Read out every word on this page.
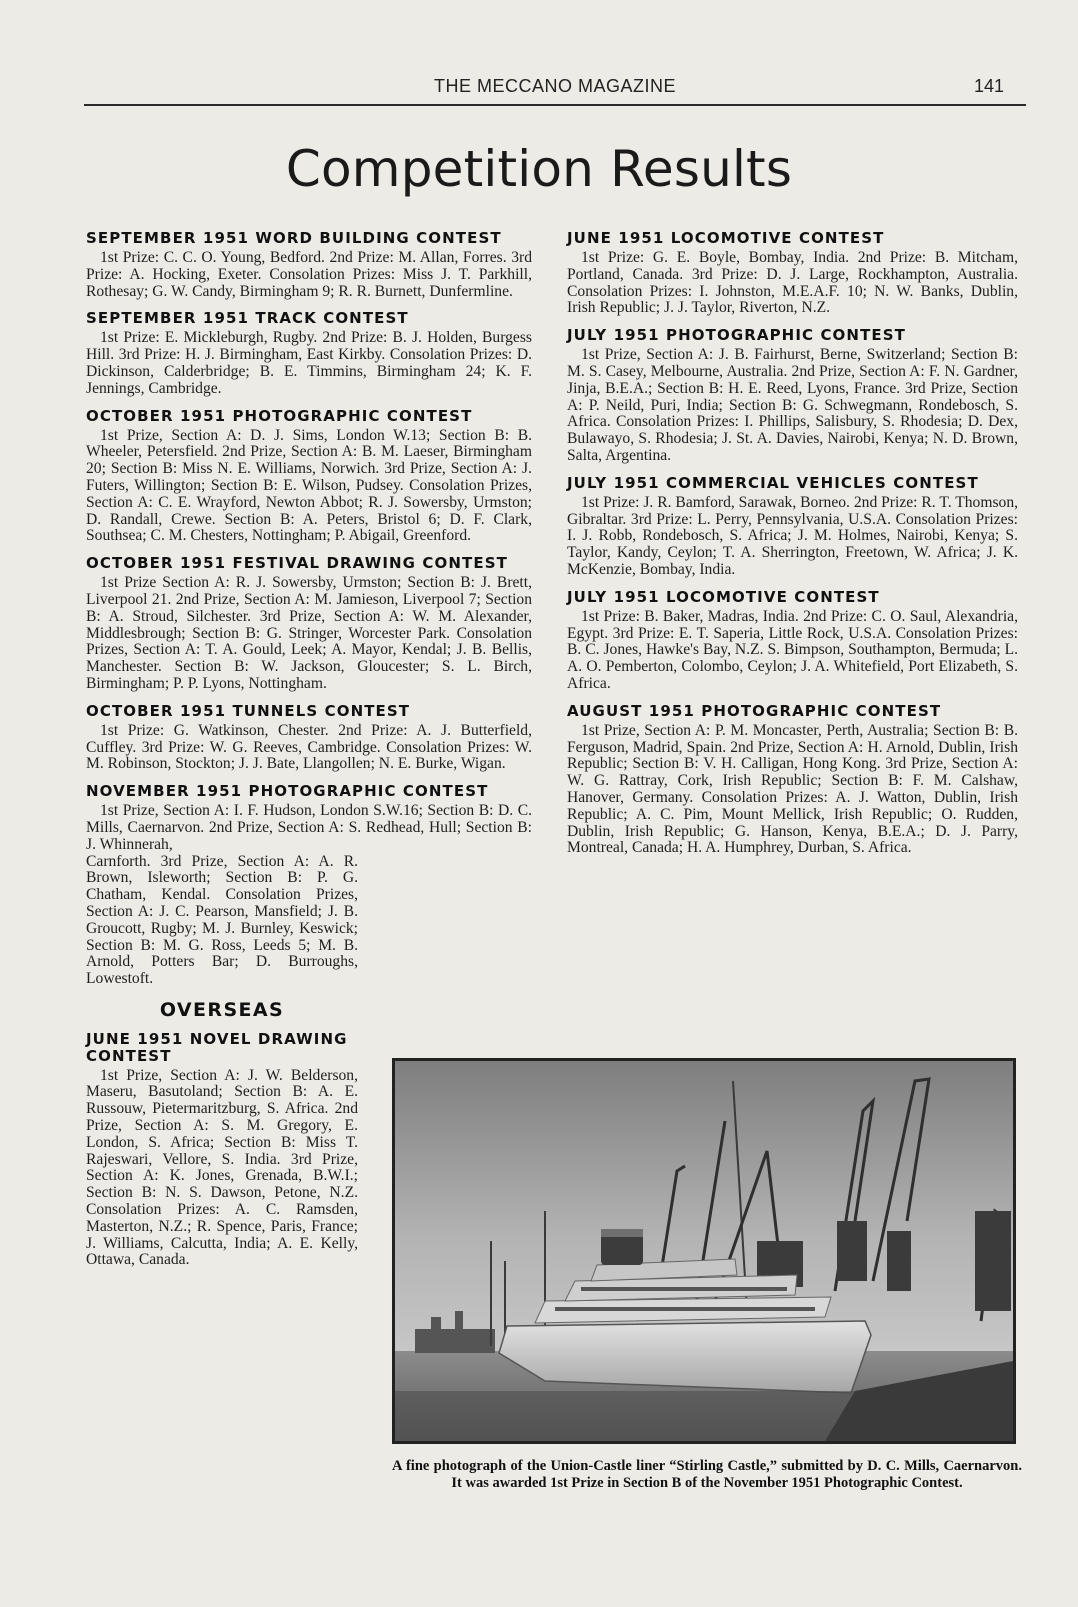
THE MECCANO MAGAZINE	141
Competition Results
SEPTEMBER 1951 WORD BUILDING CONTEST

1st Prize: C. C. O. Young, Bedford. 2nd Prize: M. Allan, Forres. 3rd Prize: A. Hocking, Exeter. Consolation Prizes: Miss J. T. Parkhill, Rothesay; G. W. Candy, Birmingham 9; R. R. Burnett, Dunfermline.

SEPTEMBER 1951 TRACK CONTEST

1st Prize: E. Mickleburgh, Rugby. 2nd Prize: B. J. Holden, Burgess Hill. 3rd Prize: H. J. Birmingham, East Kirkby. Consolation Prizes: D. Dickinson, Calderbridge; B. E. Timmins, Birmingham 24; K. F. Jennings, Cambridge.

OCTOBER 1951 PHOTOGRAPHIC CONTEST

1st Prize, Section A: D. J. Sims, London W.13; Section B: B. Wheeler, Petersfield. 2nd Prize, Section A: B. M. Laeser, Birmingham 20; Section B: Miss N. E. Williams, Norwich. 3rd Prize, Section A: J. Futers, Willington; Section B: E. Wilson, Pudsey. Consolation Prizes, Section A: C. E. Wrayford, Newton Abbot; R. J. Sowersby, Urmston; D. Randall, Crewe. Section B: A. Peters, Bristol 6; D. F. Clark, Southsea; C. M. Chesters, Nottingham; P. Abigail, Greenford.

OCTOBER 1951 FESTIVAL DRAWING CONTEST

1st Prize Section A: R. J. Sowersby, Urmston; Section B: J. Brett, Liverpool 21. 2nd Prize, Section A: M. Jamieson, Liverpool 7; Section B: A. Stroud, Silchester. 3rd Prize, Section A: W. M. Alexander, Middlesbrough; Section B: G. Stringer, Worcester Park. Consolation Prizes, Section A: T. A. Gould, Leek; A. Mayor, Kendal; J. B. Bellis, Manchester. Section B: W. Jackson, Gloucester; S. L. Birch, Birmingham; P. P. Lyons, Nottingham.

OCTOBER 1951 TUNNELS CONTEST

1st Prize: G. Watkinson, Chester. 2nd Prize: A. J. Butterfield, Cuffley. 3rd Prize: W. G. Reeves, Cambridge. Consolation Prizes: W. M. Robinson, Stockton; J. J. Bate, Llangollen; N. E. Burke, Wigan.

NOVEMBER 1951 PHOTOGRAPHIC CONTEST

1st Prize, Section A: I. F. Hudson, London S.W.16; Section B: D. C. Mills, Caernarvon. 2nd Prize, Section A: S. Redhead, Hull; Section B: J. Whinnerah,

Carnforth. 3rd Prize, Section A: A. R. Brown, Isleworth; Section B: P. G. Chatham, Kendal. Consolation Prizes, Section A: J. C. Pearson, Mansfield; J. B. Groucott, Rugby; M. J. Burnley, Keswick; Section B: M. G. Ross, Leeds 5; M. B. Arnold, Potters Bar; D. Burroughs, Lowestoft.
OVERSEAS
JUNE 1951 NOVEL DRAWING CONTEST

1st Prize, Section A: J. W. Belderson, Maseru, Basutoland; Section B: A. E. Russouw, Pietermaritzburg, S. Africa. 2nd Prize, Section A: S. M. Gregory, E. London, S. Africa; Section B: Miss T. Rajeswari, Vellore, S. India. 3rd Prize, Section A: K. Jones, Grenada, B.W.I.; Section B: N. S. Dawson, Petone, N.Z. Consolation Prizes: A. C. Ramsden, Masterton, N.Z.; R. Spence, Paris, France; J. Williams, Calcutta, India; A. E. Kelly, Ottawa, Canada.

JUNE 1951 LOCOMOTIVE CONTEST

1st Prize: G. E. Boyle, Bombay, India. 2nd Prize: B. Mitcham, Portland, Canada. 3rd Prize: D. J. Large, Rockhampton, Australia. Consolation Prizes: I. Johnston, M.E.A.F. 10; N. W. Banks, Dublin, Irish Republic; J. J. Taylor, Riverton, N.Z.

JULY 1951 PHOTOGRAPHIC CONTEST

1st Prize, Section A: J. B. Fairhurst, Berne, Switzerland; Section B: M. S. Casey, Melbourne, Australia. 2nd Prize, Section A: F. N. Gardner, Jinja, B.E.A.; Section B: H. E. Reed, Lyons, France. 3rd Prize, Section A: P. Neild, Puri, India; Section B: G. Schwegmann, Rondebosch, S. Africa. Consolation Prizes: I. Phillips, Salisbury, S. Rhodesia; D. Dex, Bulawayo, S. Rhodesia; J. St. A. Davies, Nairobi, Kenya; N. D. Brown, Salta, Argentina.

JULY 1951 COMMERCIAL VEHICLES CONTEST

1st Prize: J. R. Bamford, Sarawak, Borneo. 2nd Prize: R. T. Thomson, Gibraltar. 3rd Prize: L. Perry, Pennsylvania, U.S.A. Consolation Prizes: I. J. Robb, Rondebosch, S. Africa; J. M. Holmes, Nairobi, Kenya; S. Taylor, Kandy, Ceylon; T. A. Sherrington, Freetown, W. Africa; J. K. McKenzie, Bombay, India.

JULY 1951 LOCOMOTIVE CONTEST

1st Prize: B. Baker, Madras, India. 2nd Prize: C. O. Saul, Alexandria, Egypt. 3rd Prize: E. T. Saperia, Little Rock, U.S.A. Consolation Prizes: B. C. Jones, Hawke's Bay, N.Z. S. Bimpson, Southampton, Bermuda; L. A. O. Pemberton, Colombo, Ceylon; J. A. Whitefield, Port Elizabeth, S. Africa.

AUGUST 1951 PHOTOGRAPHIC CONTEST

1st Prize, Section A: P. M. Moncaster, Perth, Australia; Section B: B. Ferguson, Madrid, Spain. 2nd Prize, Section A: H. Arnold, Dublin, Irish Republic; Section B: V. H. Calligan, Hong Kong. 3rd Prize, Section A: W. G. Rattray, Cork, Irish Republic; Section B: F. M. Calshaw, Hanover, Germany. Consolation Prizes: A. J. Watton, Dublin, Irish Republic; A. C. Pim, Mount Mellick, Irish Republic; O. Rudden, Dublin, Irish Republic; G. Hanson, Kenya, B.E.A.; D. J. Parry, Montreal, Canada; H. A. Humphrey, Durban, S. Africa.

A fine photograph of the Union-Castle liner “Stirling Castle,” submitted by D. C. Mills, Caernarvon. It was awarded 1st Prize in Section B of the November 1951 Photographic Contest.
